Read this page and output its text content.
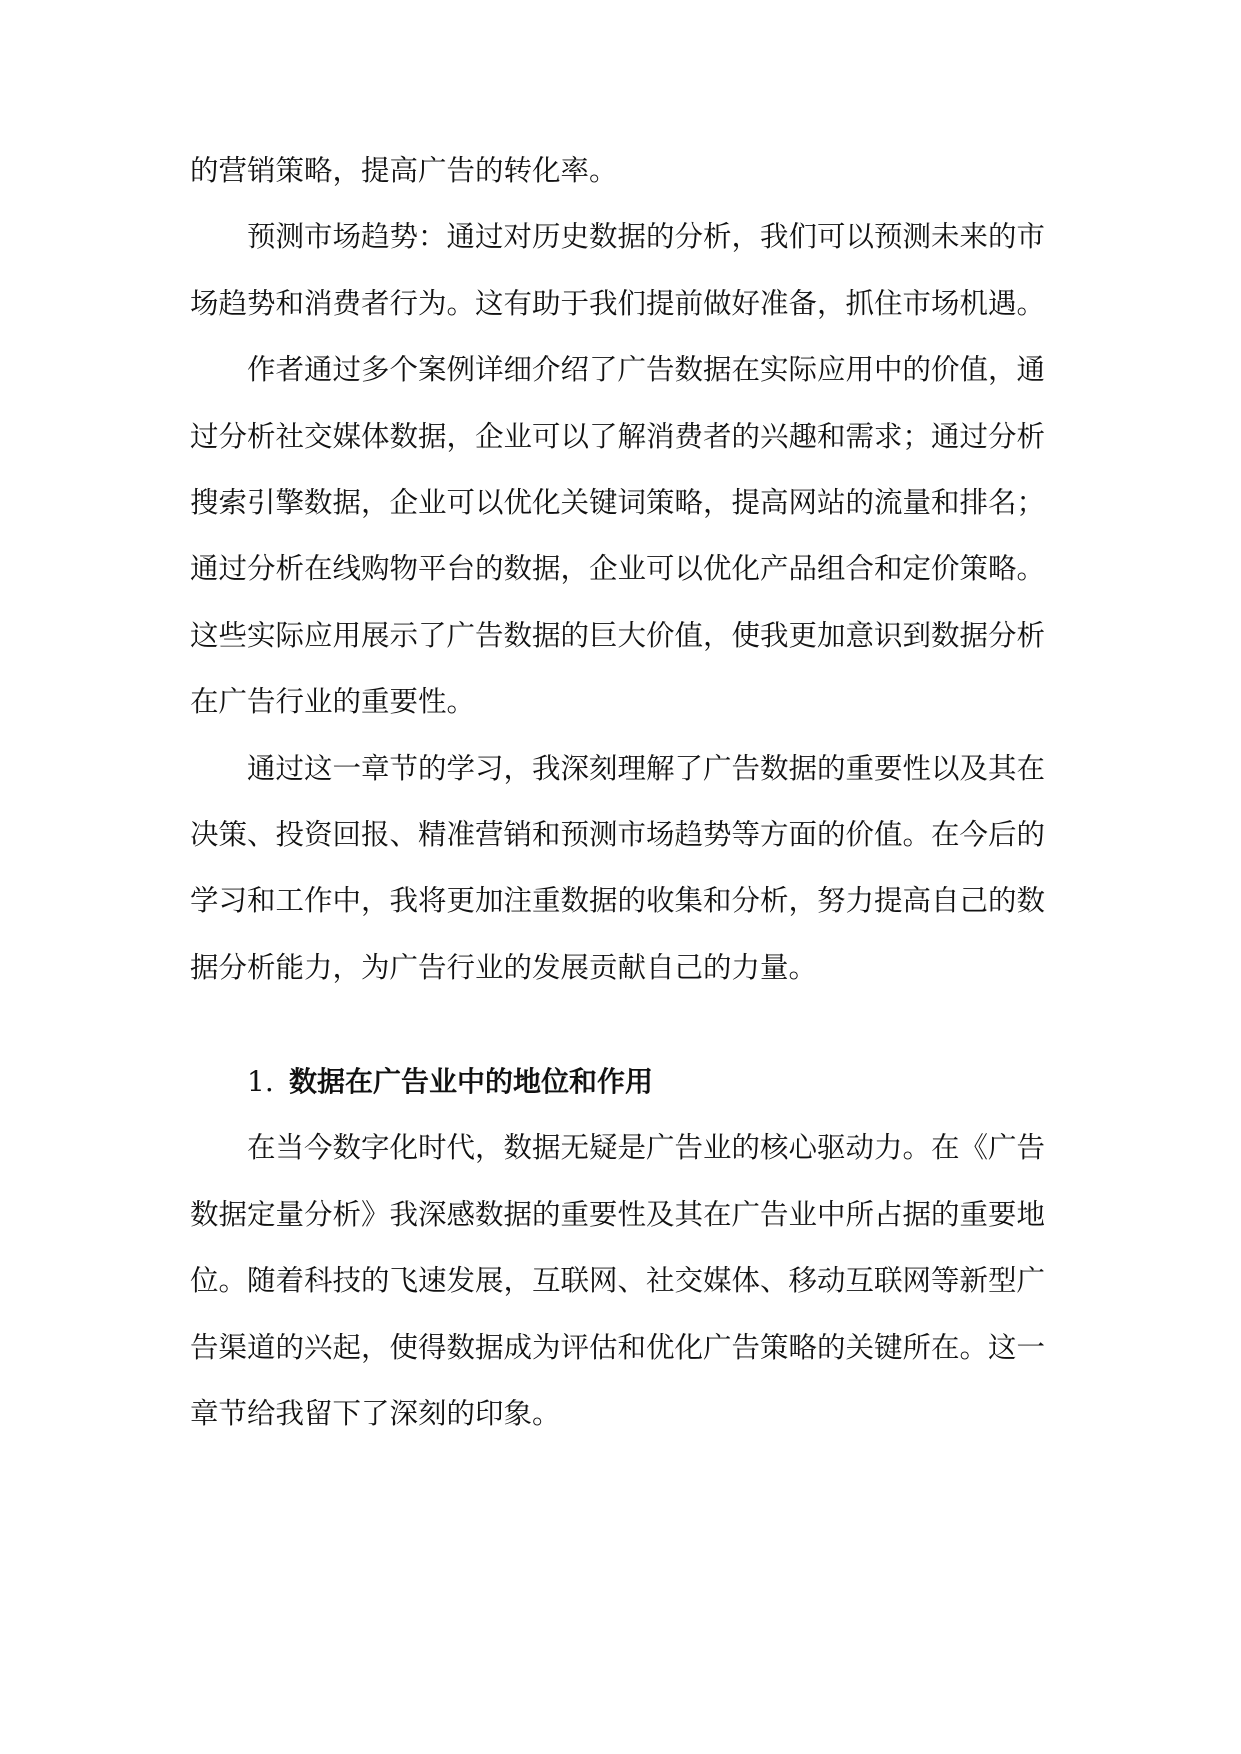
的营销策略，提高广告的转化率。
预测市场趋势：通过对历史数据的分析，我们可以预测未来的市
场趋势和消费者行为。这有助于我们提前做好准备，抓住市场机遇。
作者通过多个案例详细介绍了广告数据在实际应用中的价值，通
过分析社交媒体数据，企业可以了解消费者的兴趣和需求；通过分析
搜索引擎数据，企业可以优化关键词策略，提高网站的流量和排名；
通过分析在线购物平台的数据，企业可以优化产品组合和定价策略。
这些实际应用展示了广告数据的巨大价值，使我更加意识到数据分析
在广告行业的重要性。
通过这一章节的学习，我深刻理解了广告数据的重要性以及其在
决策、投资回报、精准营销和预测市场趋势等方面的价值。在今后的
学习和工作中，我将更加注重数据的收集和分析，努力提高自己的数
据分析能力，为广告行业的发展贡献自己的力量。
1. 数据在广告业中的地位和作用
在当今数字化时代，数据无疑是广告业的核心驱动力。在《广告
数据定量分析》我深感数据的重要性及其在广告业中所占据的重要地
位。随着科技的飞速发展，互联网、社交媒体、移动互联网等新型广
告渠道的兴起，使得数据成为评估和优化广告策略的关键所在。这一
章节给我留下了深刻的印象。
